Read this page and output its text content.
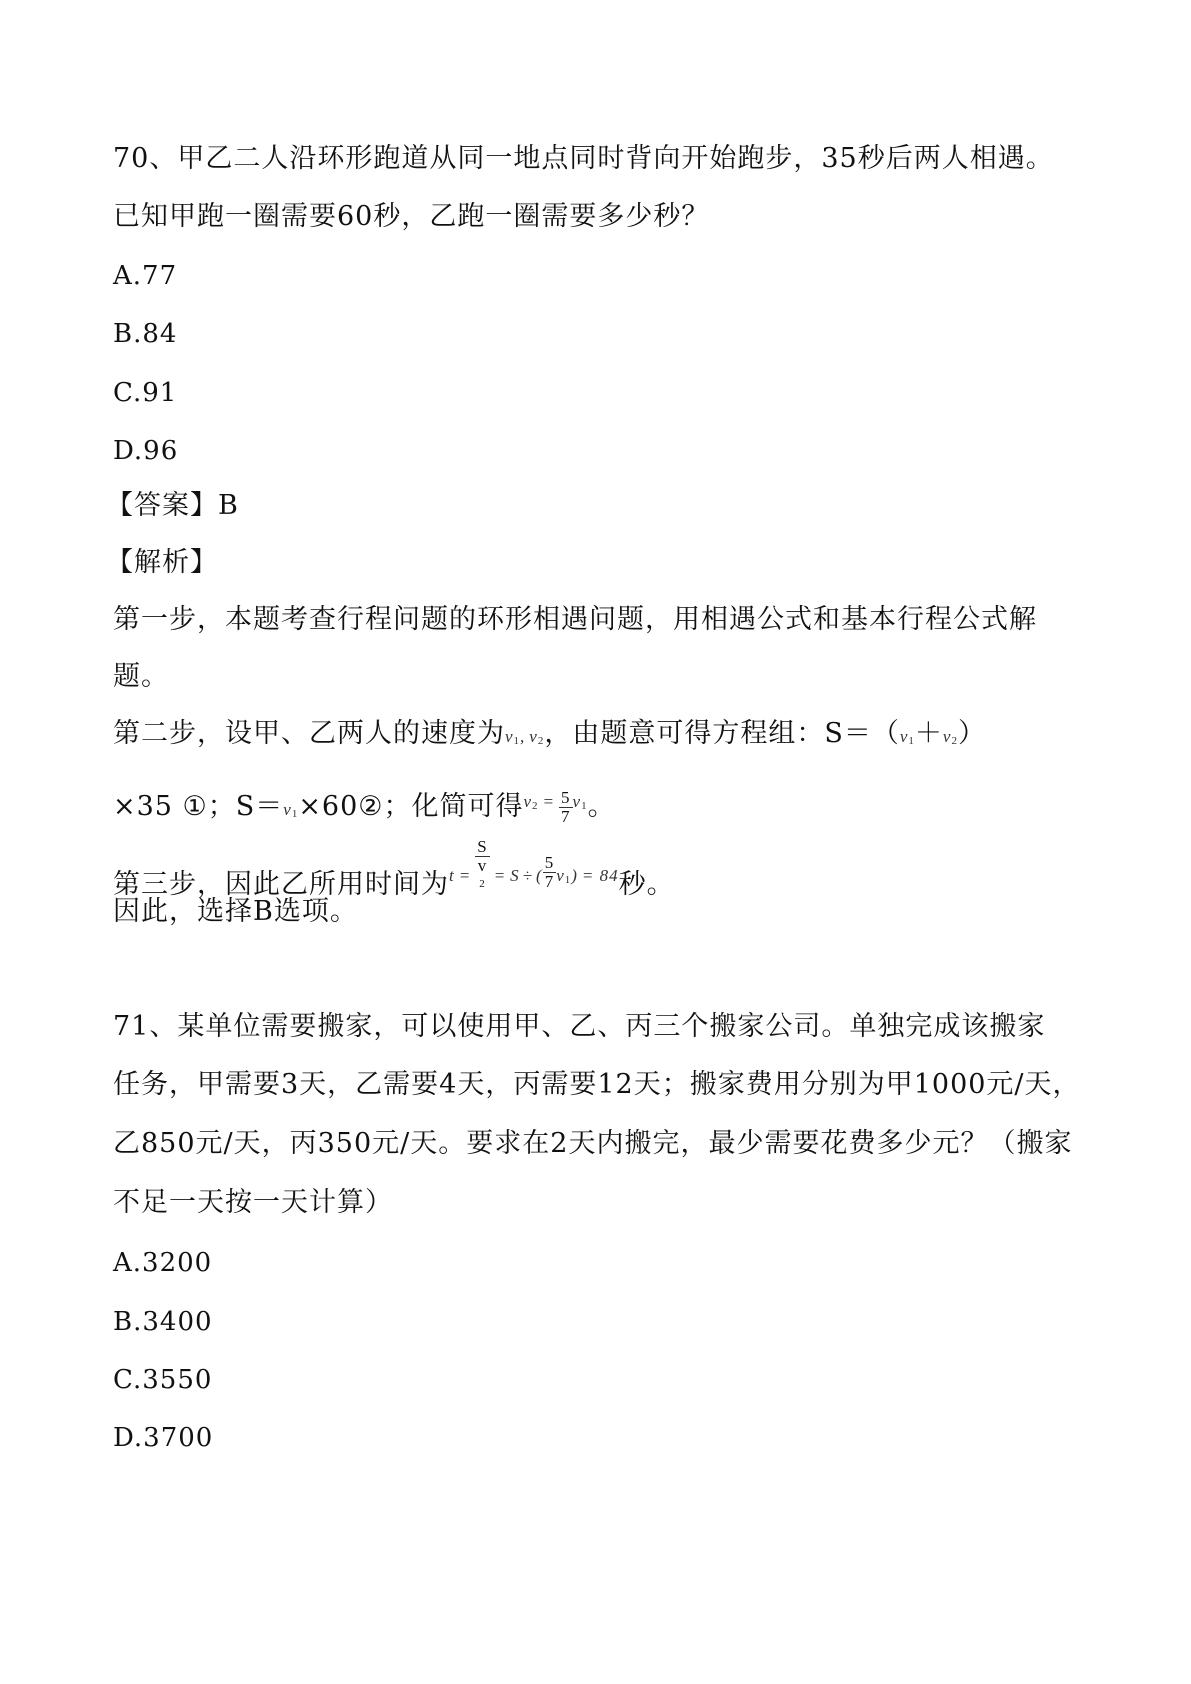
70、甲乙二人沿环形跑道从同一地点同时背向开始跑步，35秒后两人相遇。

已知甲跑一圈需要60秒，乙跑一圈需要多少秒？

A.77

B.84

C.91

D.96

【答案】B

【解析】

第一步，本题考查行程问题的环形相遇问题，用相遇公式和基本行程公式解

题。

第二步，设甲、乙两人的速度为v1, v2，由题意可得方程组：S＝（v1＋v2）

×35 ①；S＝v1×60②；化简可得$^{v2}$ $^= \frac{5}{7} ^{v1}$。

第三步，因此乙所用时间为$^t$ = S
v
2 = $^S$ ÷ $^( \frac{5}{7} ^{v1)}$ $^{= 84}$秒。

因此，选择B选项。

71、某单位需要搬家，可以使用甲、乙、丙三个搬家公司。单独完成该搬家

任务，甲需要3天，乙需要4天，丙需要12天；搬家费用分别为甲1000元/天，

乙850元/天，丙350元/天。要求在2天内搬完，最少需要花费多少元？（搬家

不足一天按一天计算）

A.3200

B.3400

C.3550

D.3700
